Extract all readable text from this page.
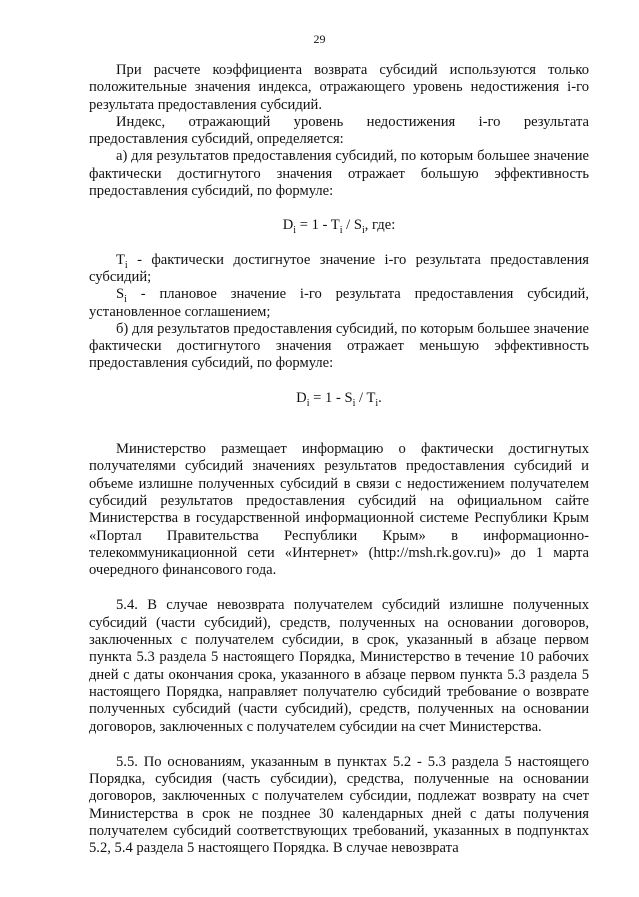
29

При расчете коэффициента возврата субсидий используются только положительные значения индекса, отражающего уровень недостижения i-го результата предоставления субсидий.

Индекс, отражающий уровень недостижения i-го результата предоставления субсидий, определяется:

а) для результатов предоставления субсидий, по которым большее значение фактически достигнутого значения отражает большую эффективность предоставления субсидий, по формуле:

$D_i = 1 - T_i / S_i$, где:

$T_i$ - фактически достигнутое значение i-го результата предоставления субсидий;

$S_i$ - плановое значение i-го результата предоставления субсидий, установленное соглашением;

б) для результатов предоставления субсидий, по которым большее значение фактически достигнутого значения отражает меньшую эффективность предоставления субсидий, по формуле:

$D_i = 1 - S_i / T_i$.

Министерство размещает информацию о фактически достигнутых получателями субсидий значениях результатов предоставления субсидий и объеме излишне полученных субсидий в связи с недостижением получателем субсидий результатов предоставления субсидий на официальном сайте Министерства в государственной информационной системе Республики Крым «Портал Правительства Республики Крым» в информационно-телекоммуникационной сети «Интернет» (http://msh.rk.gov.ru)» до 1 марта очередного финансового года.

5.4. В случае невозврата получателем субсидий излишне полученных субсидий (части субсидий), средств, полученных на основании договоров, заключенных с получателем субсидии, в срок, указанный в абзаце первом пункта 5.3 раздела 5 настоящего Порядка, Министерство в течение 10 рабочих дней с даты окончания срока, указанного в абзаце первом пункта 5.3 раздела 5 настоящего Порядка, направляет получателю субсидий требование о возврате полученных субсидий (части субсидий), средств, полученных на основании договоров, заключенных с получателем субсидии на счет Министерства.

5.5. По основаниям, указанным в пунктах 5.2 - 5.3 раздела 5 настоящего Порядка, субсидия (часть субсидии), средства, полученные на основании договоров, заключенных с получателем субсидии, подлежат возврату на счет Министерства в срок не позднее 30 календарных дней с даты получения получателем субсидий соответствующих требований, указанных в подпунктах 5.2, 5.4 раздела 5 настоящего Порядка. В случае невозврата
